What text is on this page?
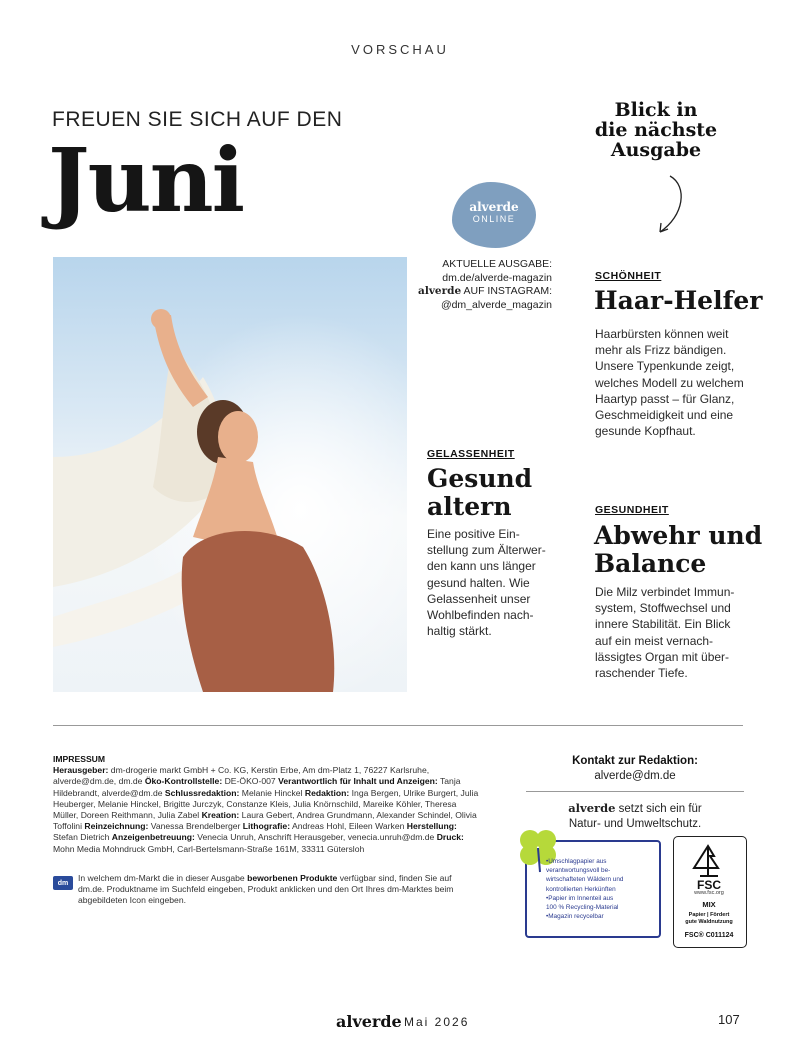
VORSCHAU
FREUEN SIE SICH AUF DEN
Juni
Blick in
die nächste
Ausgabe
alverde
ONLINE
AKTUELLE AUSGABE:
dm.de/alverde-magazin
alverde AUF INSTAGRAM:
@dm_alverde_magazin
SCHÖNHEIT
Haar-Helfer
Haarbürsten können weit
mehr als Frizz bändigen.
Unsere Typenkunde zeigt,
welches Modell zu welchem
Haartyp passt – für Glanz,
Geschmeidigkeit und eine
gesunde Kopfhaut.
GELASSENHEIT
Gesund
altern
Eine positive Ein-
stellung zum Älterwer-
den kann uns länger
gesund halten. Wie
Gelassenheit unser
Wohlbefinden nach-
haltig stärkt.
GESUNDHEIT
Abwehr und
Balance
Die Milz verbindet Immun-
system, Stoffwechsel und
innere Stabilität. Ein Blick
auf ein meist vernach-
lässigtes Organ mit über-
raschender Tiefe.
IMPRESSUM
Herausgeber: dm-drogerie markt GmbH + Co. KG, Kerstin Erbe, Am dm-Platz 1, 76227 Karlsruhe, alverde@dm.de, dm.de Öko-Kontrollstelle: DE-ÖKO-007 Verantwortlich für Inhalt und Anzeigen: Tanja Hildebrandt, alverde@dm.de Schlussredaktion: Melanie Hinckel Redaktion: Inga Bergen, Ulrike Burgert, Julia Heuberger, Melanie Hinckel, Brigitte Jurczyk, Constanze Kleis, Julia Knörnschild, Mareike Köhler, Theresa Müller, Doreen Reithmann, Julia Zabel Kreation: Laura Gebert, Andrea Grundmann, Alexander Schindel, Olivia Toffolini Reinzeichnung: Vanessa Brendelberger Lithografie: Andreas Hohl, Eileen Warken Herstellung: Stefan Dietrich Anzeigenbetreuung: Venecia Unruh, Anschrift Herausgeber, venecia.unruh@dm.de Druck: Mohn Media Mohndruck GmbH, Carl-Bertelsmann-Straße 161M, 33311 Gütersloh
dm
In welchem dm-Markt die in dieser Ausgabe beworbenen Produkte verfügbar sind, finden Sie auf dm.de. Produktname im Suchfeld eingeben, Produkt anklicken und den Ort Ihres dm-Marktes beim abgebildeten Icon eingeben.
Kontakt zur Redaktion:
alverde@dm.de
alverde setzt sich ein für
Natur- und Umweltschutz.
•Umschlagpapier aus
verantwortungsvoll be-
wirtschafteten Wäldern und
kontrollierten Herkünften
•Papier im Innenteil aus
100 % Recycling-Material
•Magazin recycelbar
FSC
www.fsc.org
MIX
Papier | Fördert
gute Waldnutzung
FSC® C011124
alverde Mai 2026	107
